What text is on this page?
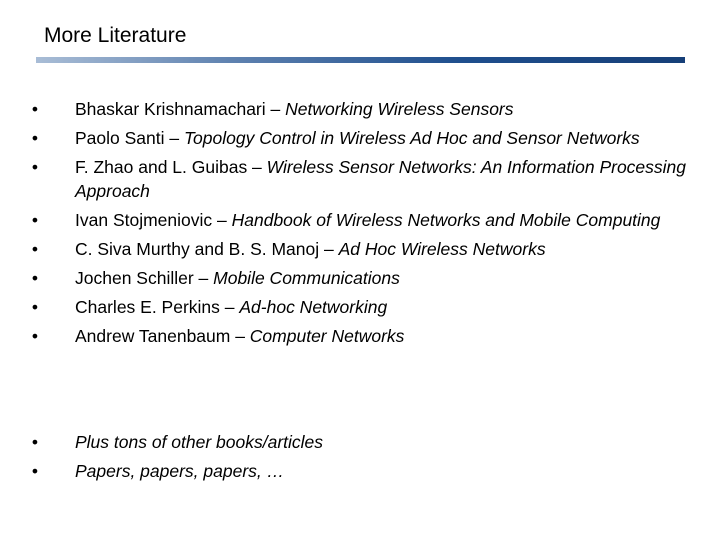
More Literature
• Bhaskar Krishnamachari – Networking Wireless Sensors
• Paolo Santi – Topology Control in Wireless Ad Hoc and Sensor Networks
• F. Zhao and L. Guibas – Wireless Sensor Networks: An Information Processing Approach
• Ivan Stojmeniovic – Handbook of Wireless Networks and Mobile Computing
• C. Siva Murthy and B. S. Manoj – Ad Hoc Wireless Networks
• Jochen Schiller – Mobile Communications
• Charles E. Perkins – Ad-hoc Networking
• Andrew Tanenbaum – Computer Networks
• Plus tons of other books/articles
• Papers, papers, papers, …
